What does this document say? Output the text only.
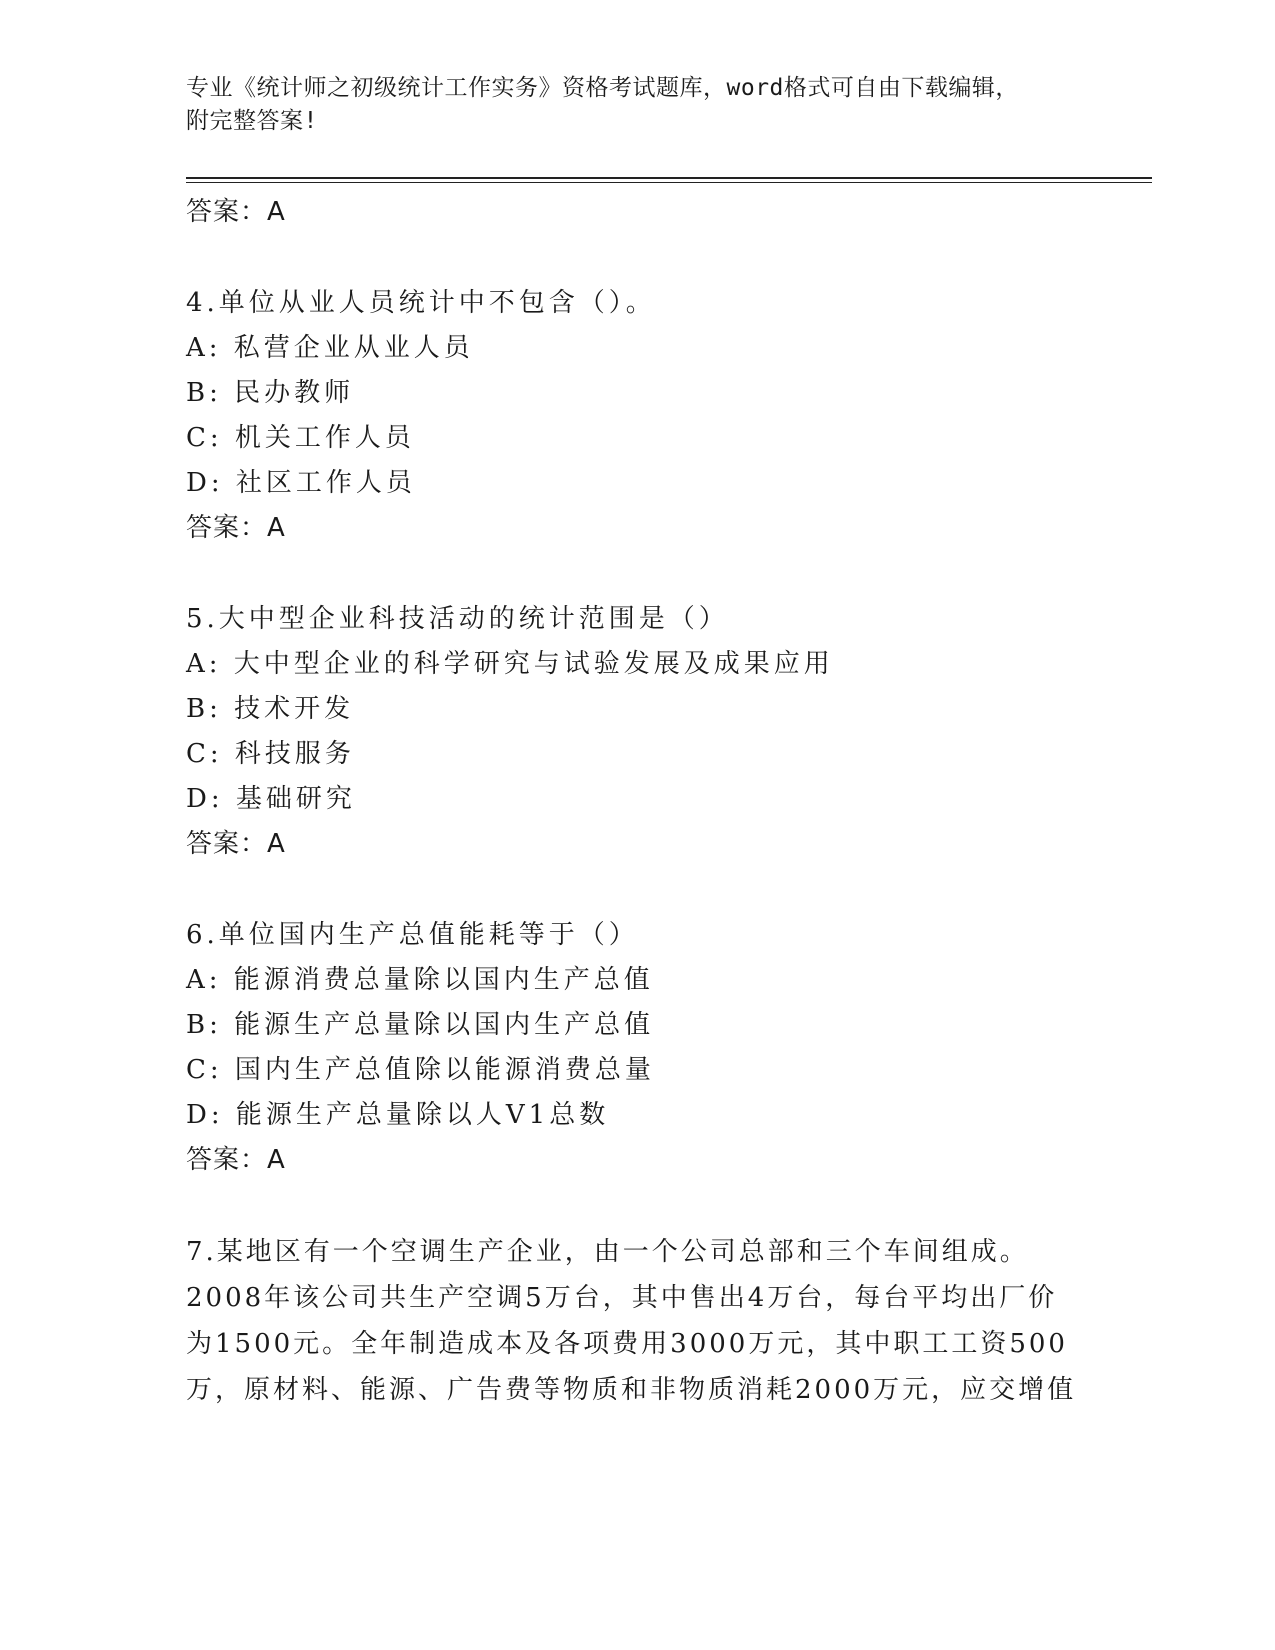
专业《统计师之初级统计工作实务》资格考试题库，word格式可自由下载编辑，
附完整答案!
答案：A
4.单位从业人员统计中不包含（）。
A: 私营企业从业人员
B: 民办教师
C: 机关工作人员
D: 社区工作人员
答案：A
5.大中型企业科技活动的统计范围是（）
A: 大中型企业的科学研究与试验发展及成果应用
B: 技术开发
C: 科技服务
D: 基础研究
答案：A
6.单位国内生产总值能耗等于（）
A: 能源消费总量除以国内生产总值
B: 能源生产总量除以国内生产总值
C: 国内生产总值除以能源消费总量
D: 能源生产总量除以人V1总数
答案：A
7.某地区有一个空调生产企业，由一个公司总部和三个车间组成。
2008年该公司共生产空调5万台，其中售出4万台，每台平均出厂价
为1500元。全年制造成本及各项费用3000万元，其中职工工资500
万，原材料、能源、广告费等物质和非物质消耗2000万元，应交增值
